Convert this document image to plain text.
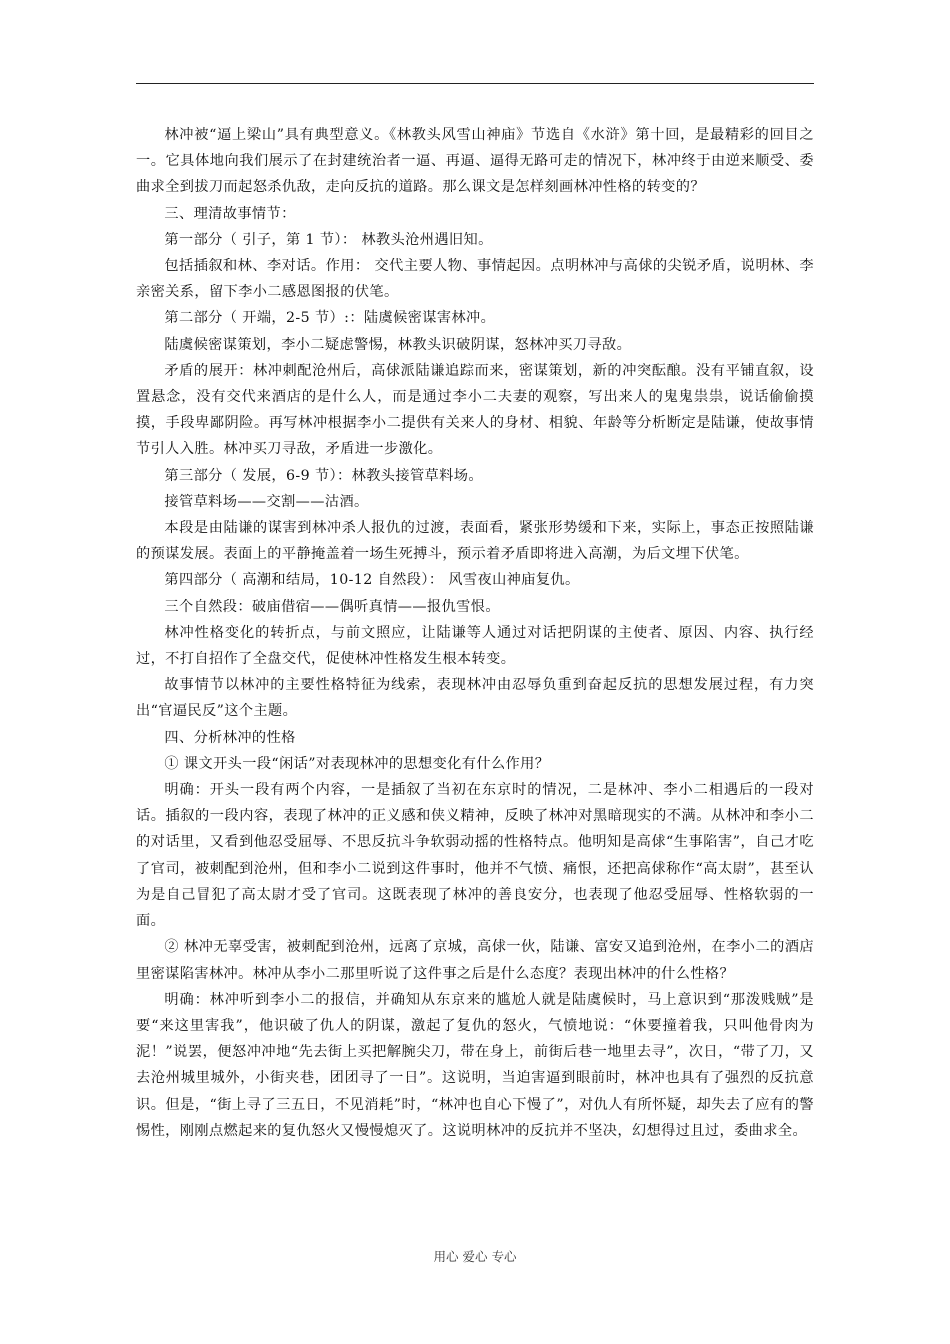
林冲被“逼上梁山”具有典型意义。《林教头风雪山神庙》节选自《水浒》第十回，是最精彩的回目之一。它具体地向我们展示了在封建统治者一逼、再逼、逼得无路可走的情况下，林冲终于由逆来顺受、委曲求全到拔刀而起怒杀仇敌，走向反抗的道路。那么课文是怎样刻画林冲性格的转变的？

三、理清故事情节：

第一部分（ 引子，第 1 节）： 林教头沧州遇旧知。

包括插叙和林、李对话。作用： 交代主要人物、事情起因。点明林冲与高俅的尖锐矛盾，说明林、李亲密关系，留下李小二感恩图报的伏笔。

第二部分（ 开端，2-5 节）:：陆虞候密谋害林冲。

陆虞候密谋策划，李小二疑虑警惕，林教头识破阴谋，怒林冲买刀寻敌。

矛盾的展开：林冲刺配沧州后，高俅派陆谦追踪而来，密谋策划，新的冲突酝酿。没有平铺直叙，设置悬念，没有交代来酒店的是什么人，而是通过李小二夫妻的观察，写出来人的鬼鬼祟祟，说话偷偷摸摸，手段卑鄙阴险。再写林冲根据李小二提供有关来人的身材、相貌、年龄等分析断定是陆谦，使故事情节引人入胜。林冲买刀寻敌，矛盾进一步激化。

第三部分（ 发展，6-9 节）：林教头接管草料场。

接管草料场——交割——沽酒。

本段是由陆谦的谋害到林冲杀人报仇的过渡，表面看，紧张形势缓和下来，实际上，事态正按照陆谦的预谋发展。表面上的平静掩盖着一场生死搏斗，预示着矛盾即将进入高潮，为后文埋下伏笔。

第四部分（ 高潮和结局，10-12 自然段）： 风雪夜山神庙复仇。

三个自然段：破庙借宿——偶听真情——报仇雪恨。

林冲性格变化的转折点，与前文照应，让陆谦等人通过对话把阴谋的主使者、原因、内容、执行经过，不打自招作了全盘交代，促使林冲性格发生根本转变。

故事情节以林冲的主要性格特征为线索，表现林冲由忍辱负重到奋起反抗的思想发展过程，有力突出“官逼民反”这个主题。

四、分析林冲的性格

① 课文开头一段“闲话”对表现林冲的思想变化有什么作用？

明确：开头一段有两个内容，一是插叙了当初在东京时的情况，二是林冲、李小二相遇后的一段对话。插叙的一段内容，表现了林冲的正义感和侠义精神，反映了林冲对黑暗现实的不满。从林冲和李小二的对话里，又看到他忍受屈辱、不思反抗斗争软弱动摇的性格特点。他明知是高俅“生事陷害”，自己才吃了官司，被刺配到沧州，但和李小二说到这件事时，他并不气愤、痛恨，还把高俅称作“高太尉”，甚至认为是自己冒犯了高太尉才受了官司。这既表现了林冲的善良安分，也表现了他忍受屈辱、性格软弱的一面。

② 林冲无辜受害，被刺配到沧州，远离了京城，高俅一伙，陆谦、富安又追到沧州，在李小二的酒店里密谋陷害林冲。林冲从李小二那里听说了这件事之后是什么态度？表现出林冲的什么性格？

明确：林冲听到李小二的报信，并确知从东京来的尴尬人就是陆虞候时，马上意识到“那泼贱贼”是要“来这里害我”，他识破了仇人的阴谋，激起了复仇的怒火，气愤地说：“休要撞着我，只叫他骨肉为泥！”说罢，便怒冲冲地“先去街上买把解腕尖刀，带在身上，前街后巷一地里去寻”，次日，“带了刀，又去沧州城里城外，小街夹巷，团团寻了一日”。这说明，当迫害逼到眼前时，林冲也具有了强烈的反抗意识。但是，“街上寻了三五日，不见消耗”时，“林冲也自心下慢了”，对仇人有所怀疑，却失去了应有的警惕性，刚刚点燃起来的复仇怒火又慢慢熄灭了。这说明林冲的反抗并不坚决，幻想得过且过，委曲求全。

用心 爱心 专心
